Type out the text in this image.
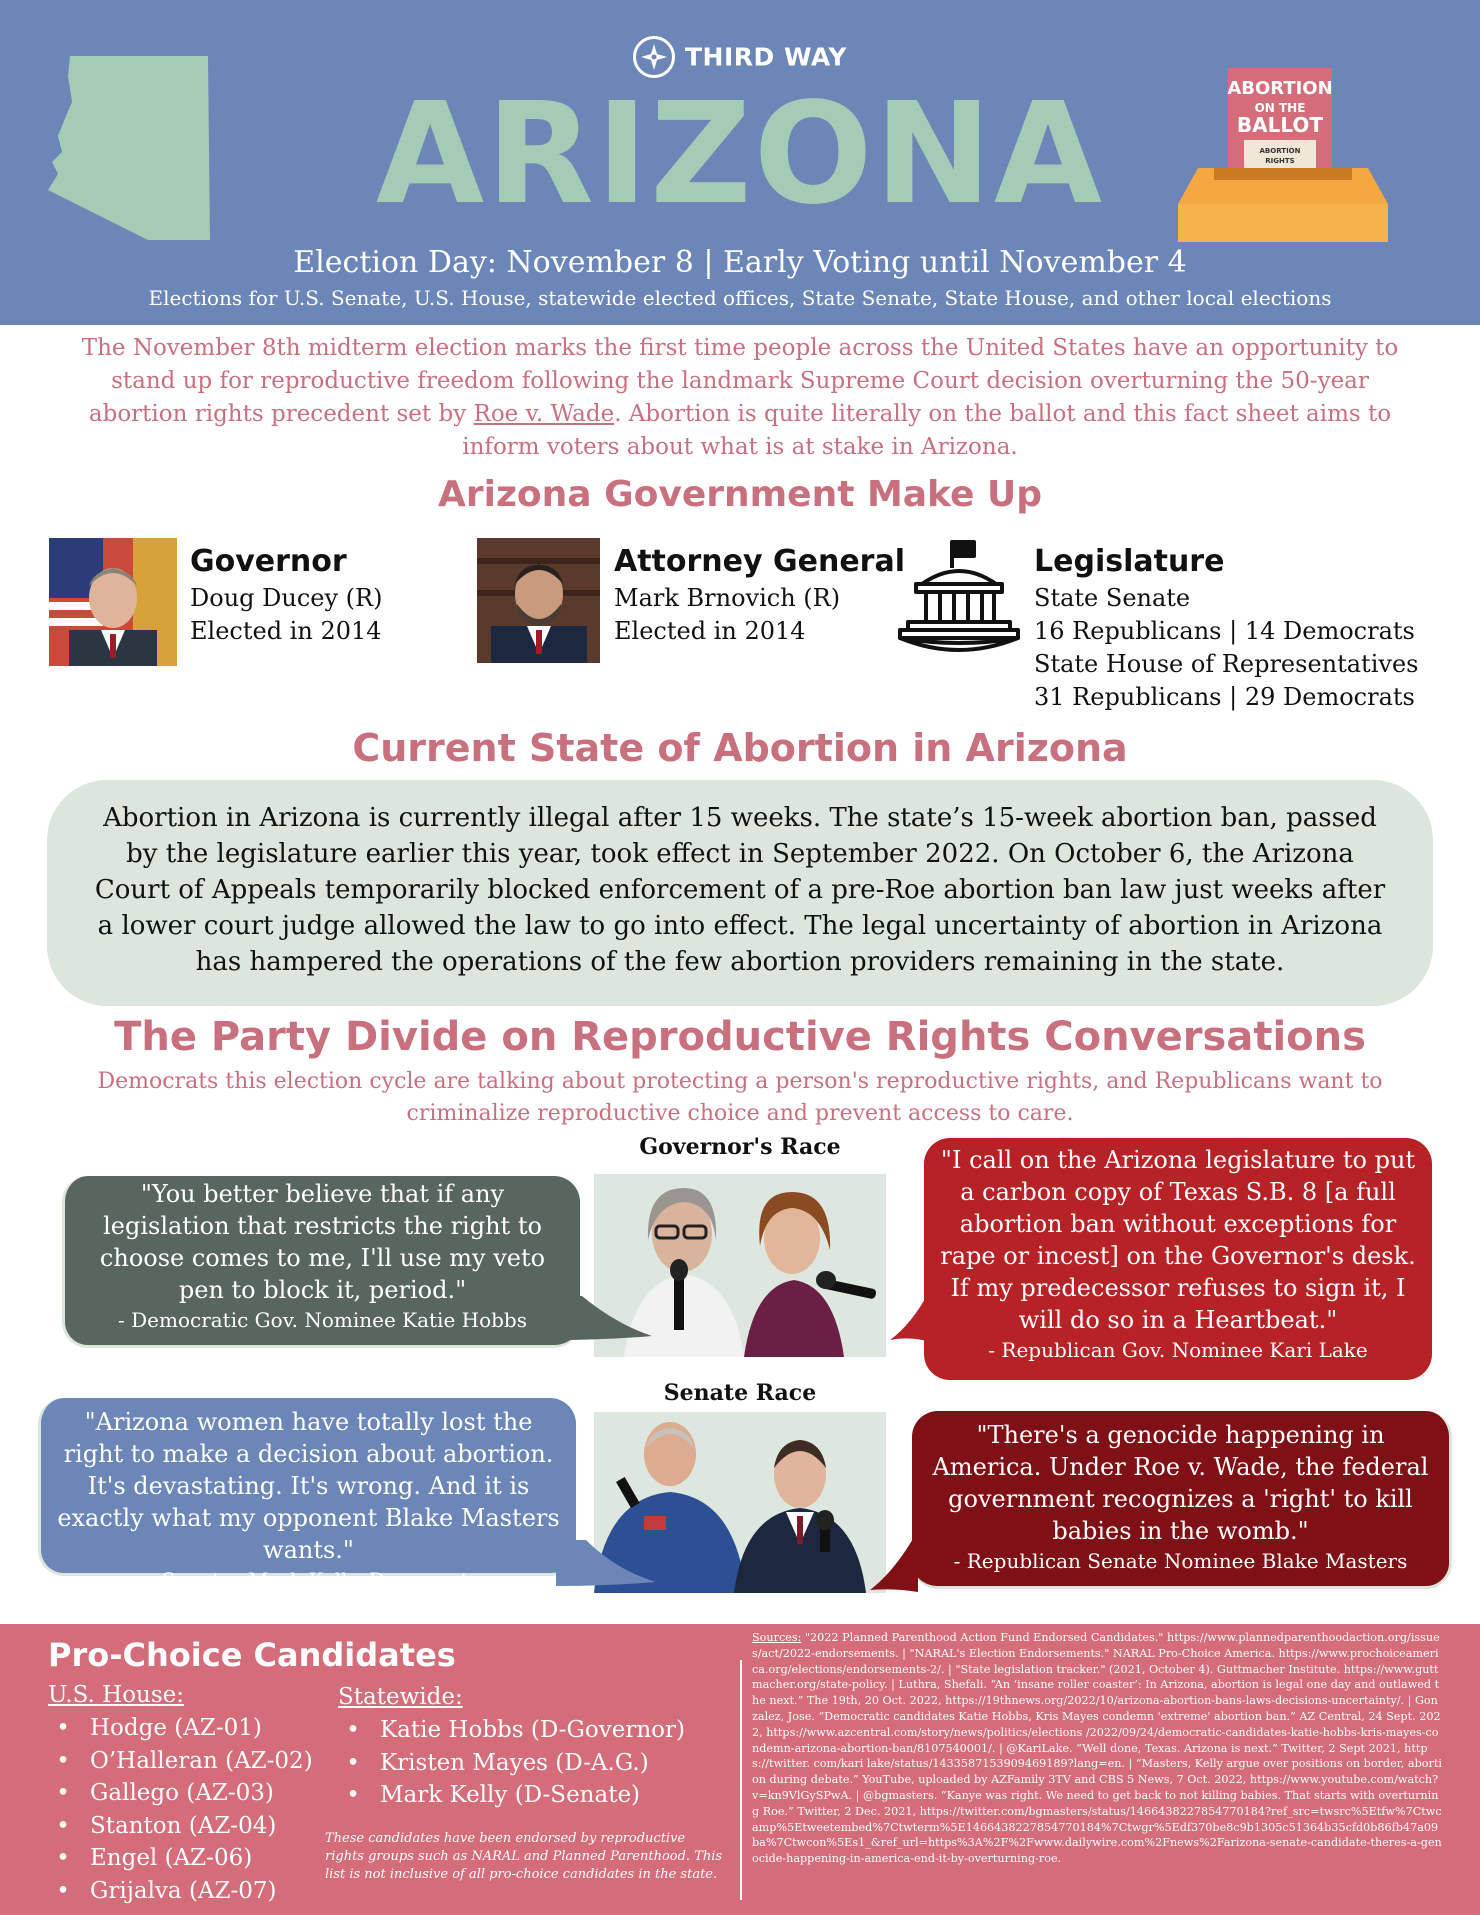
THIRD WAY
ARIZONA	ABORTION
ON THE
BALLOT
ABORTION
RIGHTS
Election Day: November 8 | Early Voting until November 4
Elections for U.S. Senate, U.S. House, statewide elected offices, State Senate, State House, and other local elections
The November 8th midterm election marks the first time people across the United States have an opportunity to stand up for reproductive freedom following the landmark Supreme Court decision overturning the 50-year abortion rights precedent set by Roe v. Wade. Abortion is quite literally on the ballot and this fact sheet aims to inform voters about what is at stake in Arizona.
Arizona Government Make Up
Governor
Doug Ducey (R)
Elected in 2014
Attorney General
Mark Brnovich (R)
Elected in 2014
Legislature
State Senate
16 Republicans | 14 Democrats
State House of Representatives
31 Republicans | 29 Democrats
Current State of Abortion in Arizona
Abortion in Arizona is currently illegal after 15 weeks. The state’s 15-week abortion ban, passed by the legislature earlier this year, took effect in September 2022. On October 6, the Arizona Court of Appeals temporarily blocked enforcement of a pre-Roe abortion ban law just weeks after a lower court judge allowed the law to go into effect. The legal uncertainty of abortion in Arizona has hampered the operations of the few abortion providers remaining in the state.
The Party Divide on Reproductive Rights Conversations
Democrats this election cycle are talking about protecting a person's reproductive rights, and Republicans want to criminalize reproductive choice and prevent access to care.
Governor's Race
"You better believe that if any legislation that restricts the right to choose comes to me, I'll use my veto pen to block it, period."
- Democratic Gov. Nominee Katie Hobbs
"I call on the Arizona legislature to put a carbon copy of Texas S.B. 8 [a full abortion ban without exceptions for rape or incest] on the Governor's desk. If my predecessor refuses to sign it, I will do so in a Heartbeat."
- Republican Gov. Nominee Kari Lake
Senate Race
"Arizona women have totally lost the right to make a decision about abortion. It's devastating. It's wrong. And it is exactly what my opponent Blake Masters wants."
- Senator Mark Kelly, Democrat
"There's a genocide happening in America. Under Roe v. Wade, the federal government recognizes a 'right' to kill babies in the womb."
- Republican Senate Nominee Blake Masters
Pro-Choice Candidates
U.S. House:
• Hodge (AZ-01)
• O’Halleran (AZ-02)
• Gallego (AZ-03)
• Stanton (AZ-04)
• Engel (AZ-06)
• Grijalva (AZ-07)
Statewide:
• Katie Hobbs (D-Governor)
• Kristen Mayes (D-A.G.)
• Mark Kelly (D-Senate)
These candidates have been endorsed by reproductive rights groups such as NARAL and Planned Parenthood. This list is not inclusive of all pro-choice candidates in the state.
Sources: "2022 Planned Parenthood Action Fund Endorsed Candidates." https://www.plannedparenthoodaction.org/issues/act/2022-endorsements. | "NARAL's Election Endorsements." NARAL Pro-Choice America. https://www.prochoiceamerica.org/elections/endorsements-2/. | "State legislation tracker." (2021, October 4). Guttmacher Institute. https://www.guttmacher.org/state-policy. | Luthra, Shefali. “An ‘insane roller coaster’: In Arizona, abortion is legal one day and outlawed the next.” The 19th, 20 Oct. 2022, https://19thnews.org/2022/10/arizona-abortion-bans-laws-decisions-uncertainty/. | Gonzalez, Jose. “Democratic candidates Katie Hobbs, Kris Mayes condemn 'extreme' abortion ban.” AZ Central, 24 Sept. 2022, https://www.azcentral.com/story/news/politics/elections /2022/09/24/democratic-candidates-katie-hobbs-kris-mayes-condemn-arizona-abortion-ban/8107540001/. | @KariLake. “Well done, Texas. Arizona is next.” Twitter, 2 Sept 2021, https://twitter. com/kari lake/status/1433587153909469189?lang=en. | “Masters, Kelly argue over positions on border, abortion during debate.” YouTube, uploaded by AZFamily 3TV and CBS 5 News, 7 Oct. 2022, https://www.youtube.com/watch?v=kn9VlGySPwA. | @bgmasters. “Kanye was right. We need to get back to not killing babies. That starts with overturning Roe.” Twitter, 2 Dec. 2021, https://twitter.com/bgmasters/status/1466438227854770184?ref_src=twsrc%5Etfw%7Ctwcamp%5Etweetembed%7Ctwterm%5E1466438227854770184%7Ctwgr%5Edf370be8c9b1305c51364b35cfd0b86fb47a09ba%7Ctwcon%5Es1_&ref_url=https%3A%2F%2Fwww.dailywire.com%2Fnews%2Farizona-senate-candidate-theres-a-genocide-happening-in-america-end-it-by-overturning-roe.
